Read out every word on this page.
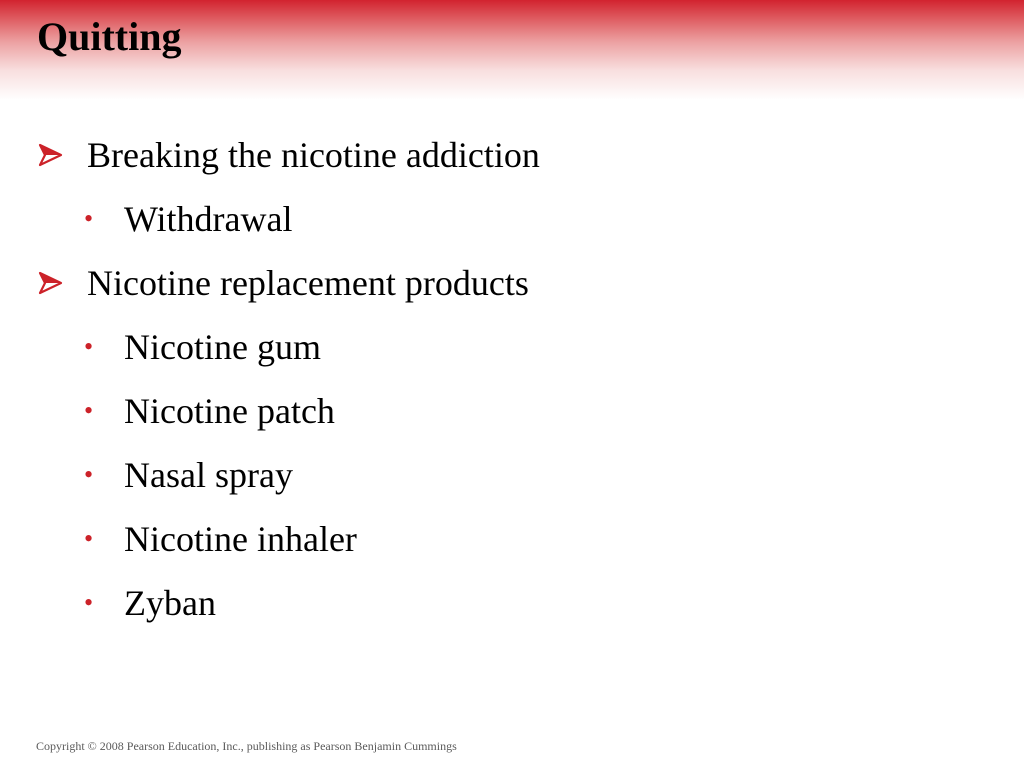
Quitting
Breaking the nicotine addiction
• Withdrawal
Nicotine replacement products
• Nicotine gum
• Nicotine patch
• Nasal spray
• Nicotine inhaler
• Zyban
Copyright © 2008 Pearson Education, Inc., publishing as Pearson Benjamin Cummings
